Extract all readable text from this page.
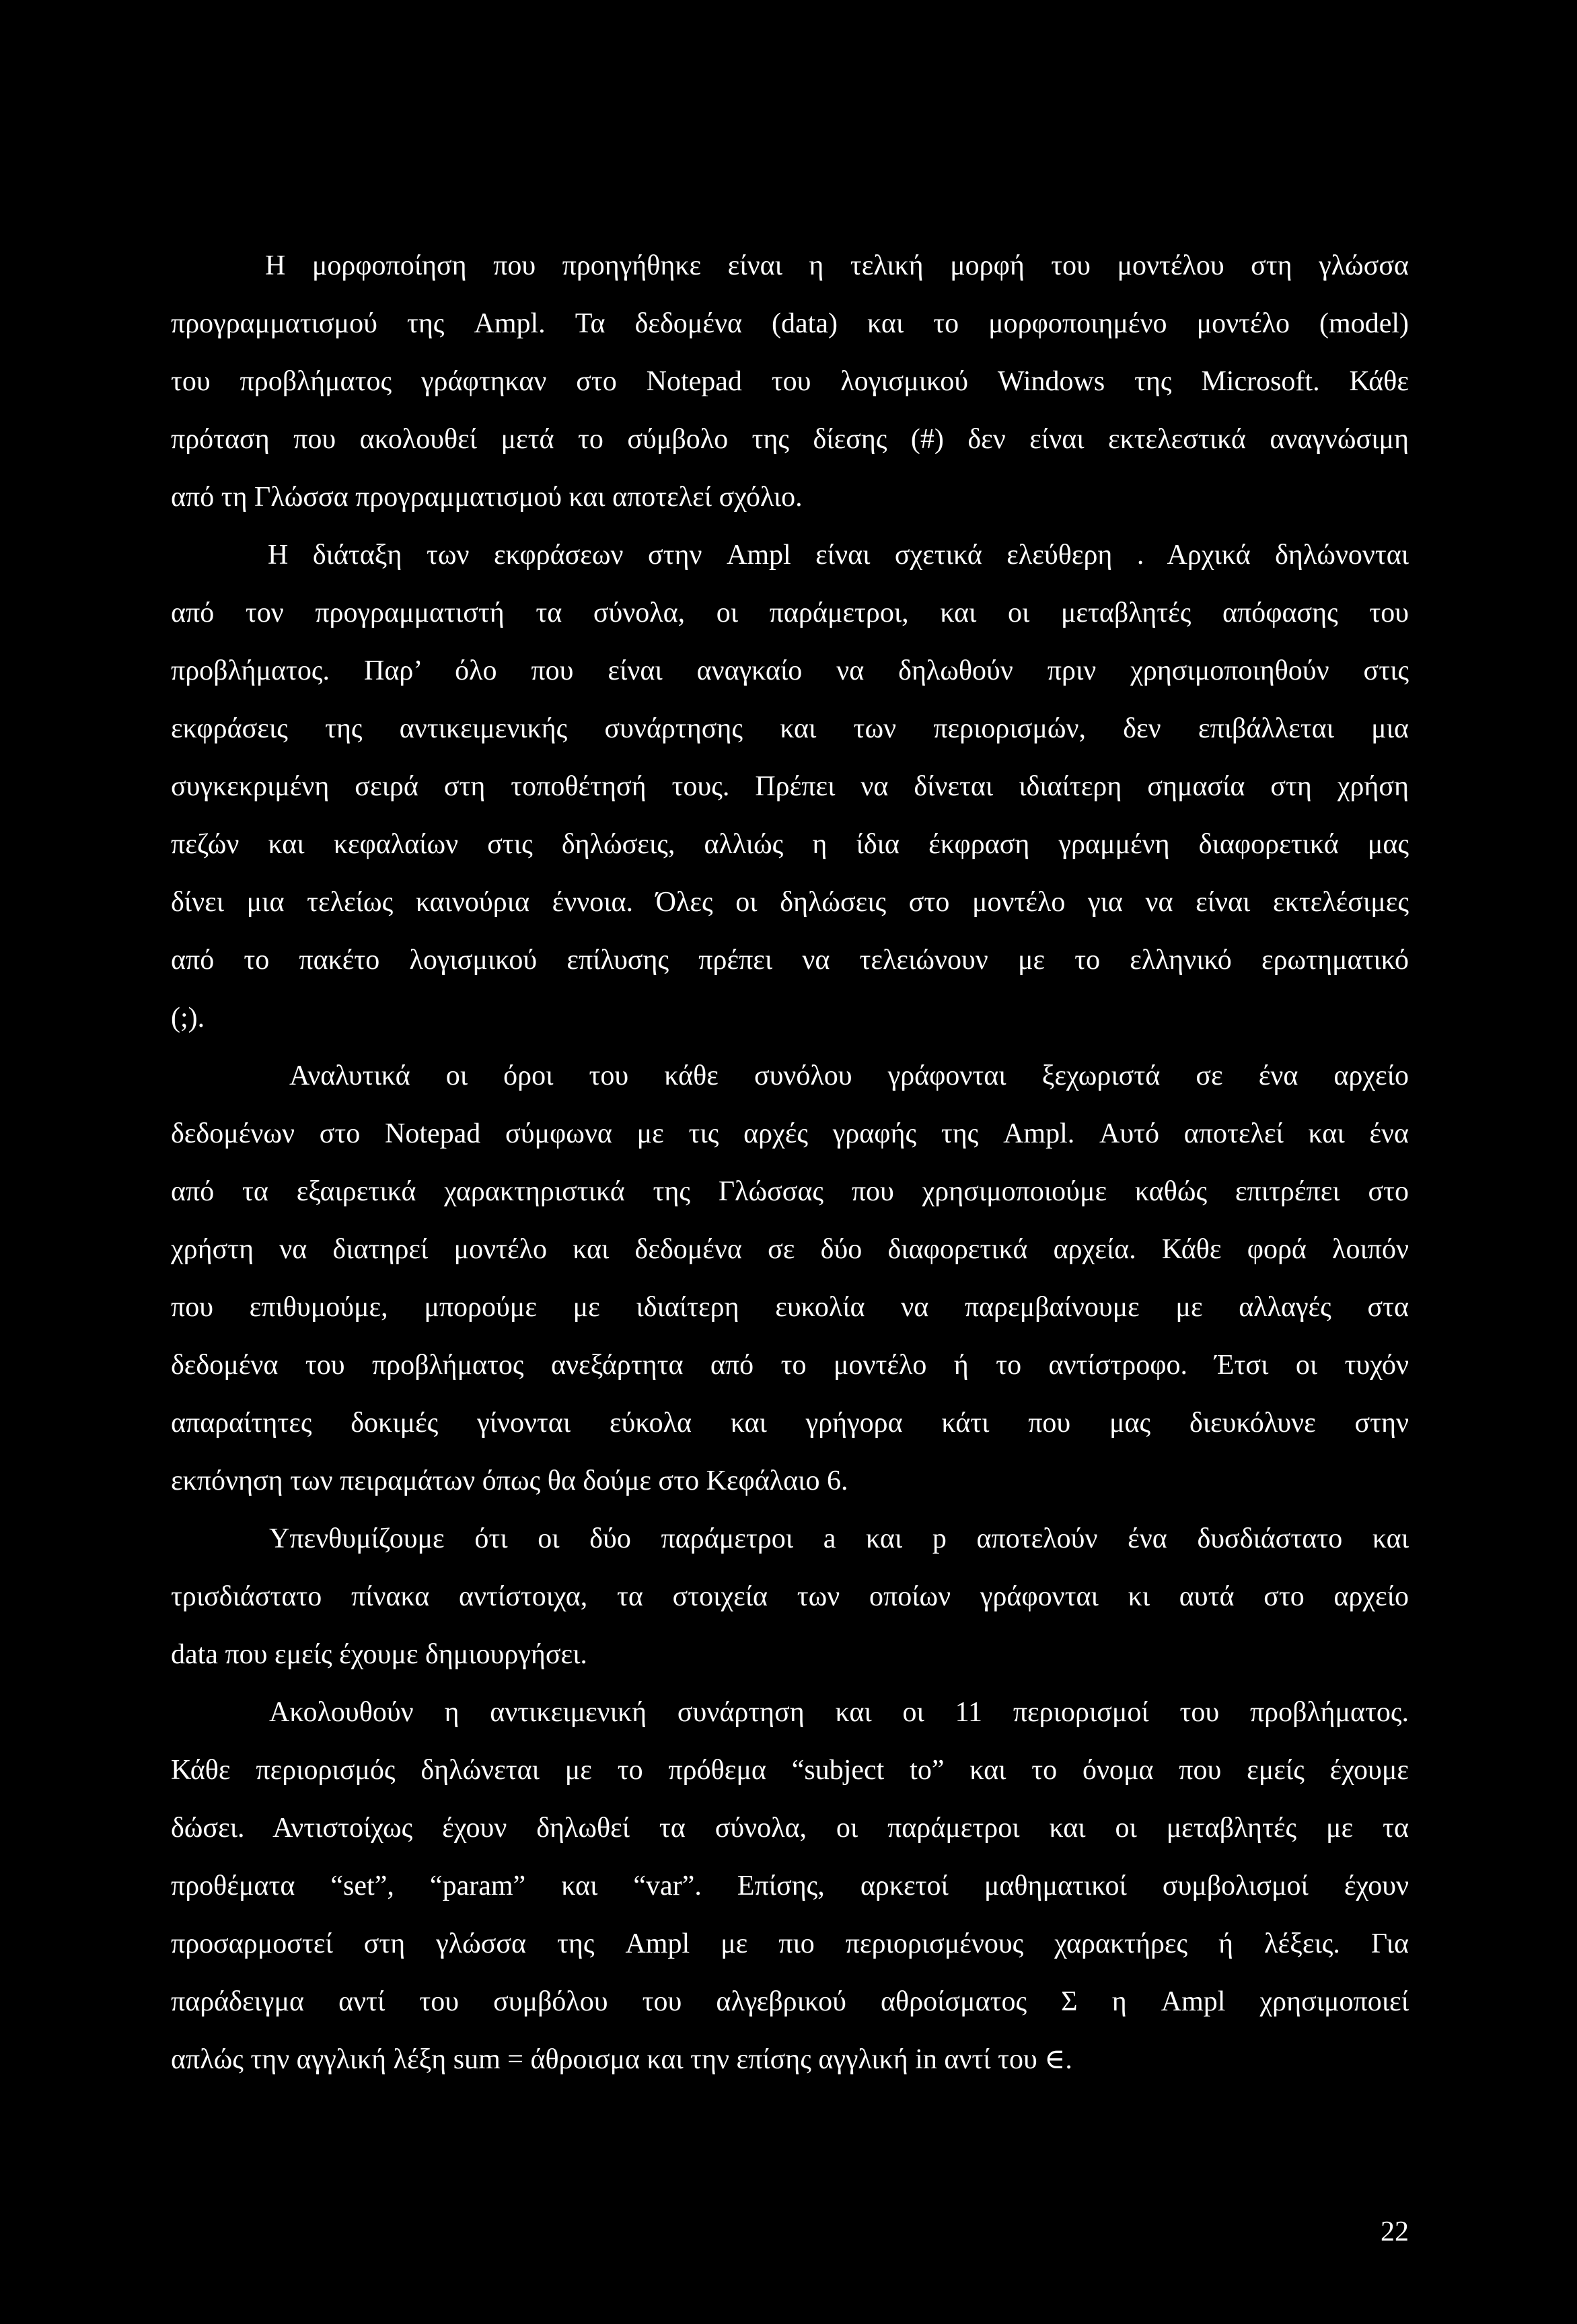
Η μορφοποίηση που προηγήθηκε είναι η τελική μορφή του μοντέλου στη γλώσσα
προγραμματισμού της Ampl. Τα δεδομένα (data) και το μορφοποιημένο μοντέλο (model)
του προβλήματος γράφτηκαν στο Notepad του λογισμικού Windows της Microsoft. Κάθε
πρόταση που ακολουθεί μετά το σύμβολο της δίεσης (#) δεν είναι εκτελεστικά αναγνώσιμη
από τη Γλώσσα προγραμματισμού και αποτελεί σχόλιο.
Η διάταξη των εκφράσεων στην Ampl είναι σχετικά ελεύθερη . Αρχικά δηλώνονται
από τον προγραμματιστή τα σύνολα, οι παράμετροι, και οι μεταβλητές απόφασης του
προβλήματος. Παρ’ όλο που είναι αναγκαίο να δηλωθούν πριν χρησιμοποιηθούν στις
εκφράσεις της αντικειμενικής συνάρτησης και των περιορισμών, δεν επιβάλλεται μια
συγκεκριμένη σειρά στη τοποθέτησή τους. Πρέπει να δίνεται ιδιαίτερη σημασία στη χρήση
πεζών και κεφαλαίων στις δηλώσεις, αλλιώς η ίδια έκφραση γραμμένη διαφορετικά μας
δίνει μια τελείως καινούρια έννοια. Όλες οι δηλώσεις στο μοντέλο για να είναι εκτελέσιμες
από το πακέτο λογισμικού επίλυσης πρέπει να τελειώνουν με το ελληνικό ερωτηματικό
(;).
Αναλυτικά οι όροι του κάθε συνόλου γράφονται ξεχωριστά σε ένα αρχείο
δεδομένων στο Notepad σύμφωνα με τις αρχές γραφής της Ampl. Αυτό αποτελεί και ένα
από τα εξαιρετικά χαρακτηριστικά της Γλώσσας που χρησιμοποιούμε καθώς επιτρέπει στο
χρήστη να διατηρεί μοντέλο και δεδομένα σε δύο διαφορετικά αρχεία. Κάθε φορά λοιπόν
που επιθυμούμε, μπορούμε με ιδιαίτερη ευκολία να παρεμβαίνουμε με αλλαγές στα
δεδομένα του προβλήματος ανεξάρτητα από το μοντέλο ή το αντίστροφο. Έτσι οι τυχόν
απαραίτητες δοκιμές γίνονται εύκολα και γρήγορα κάτι που μας διευκόλυνε στην
εκπόνηση των πειραμάτων όπως θα δούμε στο Κεφάλαιο 6.
Υπενθυμίζουμε ότι οι δύο παράμετροι a και p αποτελούν ένα δυσδιάστατο και
τρισδιάστατο πίνακα αντίστοιχα, τα στοιχεία των οποίων γράφονται κι αυτά στο αρχείο
data που εμείς έχουμε δημιουργήσει.
Ακολουθούν η αντικειμενική συνάρτηση και οι 11 περιορισμοί του προβλήματος.
Κάθε περιορισμός δηλώνεται με το πρόθεμα “subject to” και το όνομα που εμείς έχουμε
δώσει. Αντιστοίχως έχουν δηλωθεί τα σύνολα, οι παράμετροι και οι μεταβλητές με τα
προθέματα “set”, “param” και “var”. Επίσης, αρκετοί μαθηματικοί συμβολισμοί έχουν
προσαρμοστεί στη γλώσσα της Ampl με πιο περιορισμένους χαρακτήρες ή λέξεις. Για
παράδειγμα αντί του συμβόλου του αλγεβρικού αθροίσματος Σ η Ampl χρησιμοποιεί
απλώς την αγγλική λέξη sum = άθροισμα και την επίσης αγγλική in αντί του ∈.
22
